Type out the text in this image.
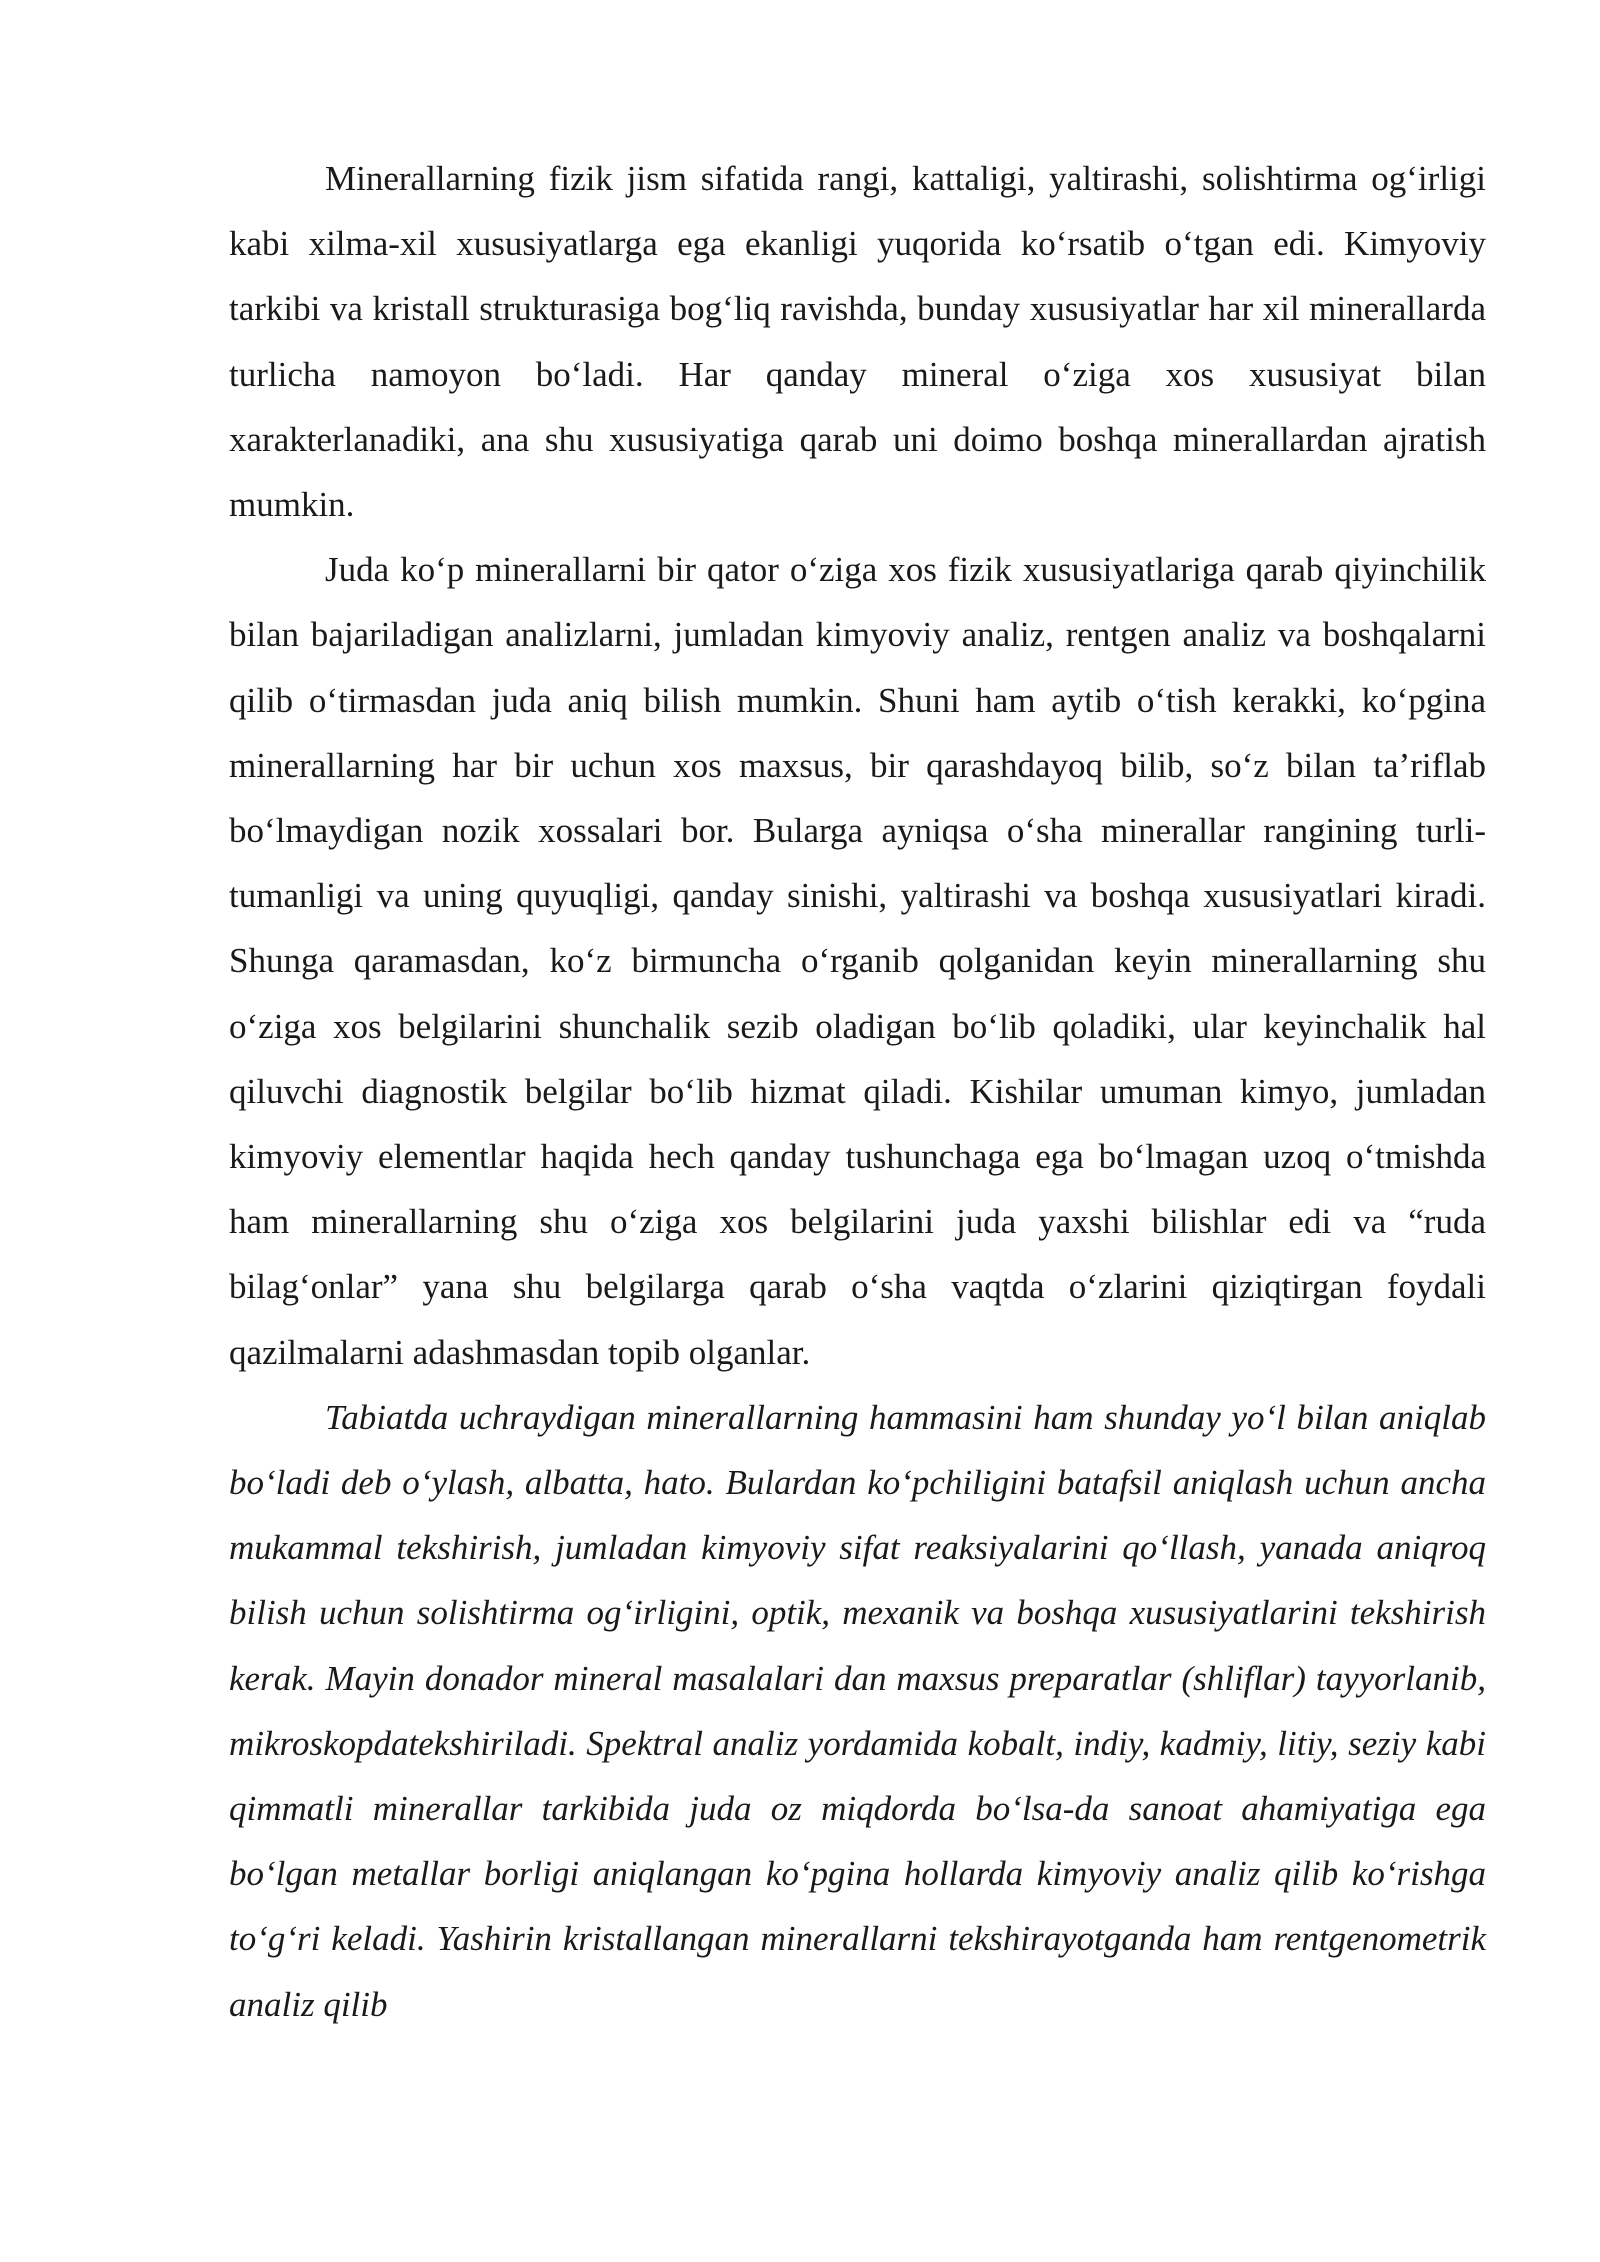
Minerallarning fizik jism sifatida rangi, kattaligi, yaltirashi, solishtirma og‘irligi kabi xilma-xil xususiyatlarga ega ekanligi yuqorida ko‘rsatib o‘tgan edi. Kimyoviy tarkibi va kristall strukturasiga bog‘liq ravishda, bunday xususiyatlar har xil minerallarda turlicha namoyon bo‘ladi. Har qanday mineral o‘ziga xos xususiyat bilan xarakterlanadiki, ana shu xususiyatiga qarab uni doimo boshqa minerallardan ajratish mumkin.

Juda ko‘p minerallarni bir qator o‘ziga xos fizik xususiyatlariga qarab qiyinchilik bilan bajariladigan analizlarni, jumladan kimyoviy analiz, rentgen analiz va boshqalarni qilib o‘tirmasdan juda aniq bilish mumkin. Shuni ham aytib o‘tish kerakki, ko‘pgina minerallarning har bir uchun xos maxsus, bir qarashdayoq bilib, so‘z bilan ta’riflab bo‘lmaydigan nozik xossalari bor. Bularga ayniqsa o‘sha minerallar rangining turli-tumanligi va uning quyuqligi, qanday sinishi, yaltirashi va boshqa xususiyatlari kiradi. Shunga qaramasdan, ko‘z birmuncha o‘rganib qolganidan keyin minerallarning shu o‘ziga xos belgilarini shunchalik sezib oladigan bo‘lib qoladiki, ular keyinchalik hal qiluvchi diagnostik belgilar bo‘lib hizmat qiladi. Kishilar umuman kimyo, jumladan kimyoviy elementlar haqida hech qanday tushunchaga ega bo‘lmagan uzoq o‘tmishda ham minerallarning shu o‘ziga xos belgilarini juda yaxshi bilishlar edi va “ruda bilag‘onlar” yana shu belgilarga qarab o‘sha vaqtda o‘zlarini qiziqtirgan foydali qazilmalarni adashmasdan topib olganlar.

Tabiatda uchraydigan minerallarning hammasini ham shunday yo‘l bilan aniqlab bo‘ladi deb o‘ylash, albatta, hato. Bulardan ko‘pchiligini batafsil aniqlash uchun ancha mukammal tekshirish, jumladan kimyoviy sifat reaksiyalarini qo‘llash, yanada aniqroq bilish uchun solishtirma og‘irligini, optik, mexanik va boshqa xususiyatlarini tekshirish kerak. Mayin donador mineral masalalari dan maxsus preparatlar (shliflar) tayyorlanib, mikroskopdatekshiriladi. Spektral analiz yordamida kobalt, indiy, kadmiy, litiy, seziy kabi qimmatli minerallar tarkibida juda oz miqdorda bo‘lsa-da sanoat ahamiyatiga ega bo‘lgan metallar borligi aniqlangan ko‘pgina hollarda kimyoviy analiz qilib ko‘rishga to‘g‘ri keladi. Yashirin kristallangan minerallarni tekshirayotganda ham rentgenometrik analiz qilib
